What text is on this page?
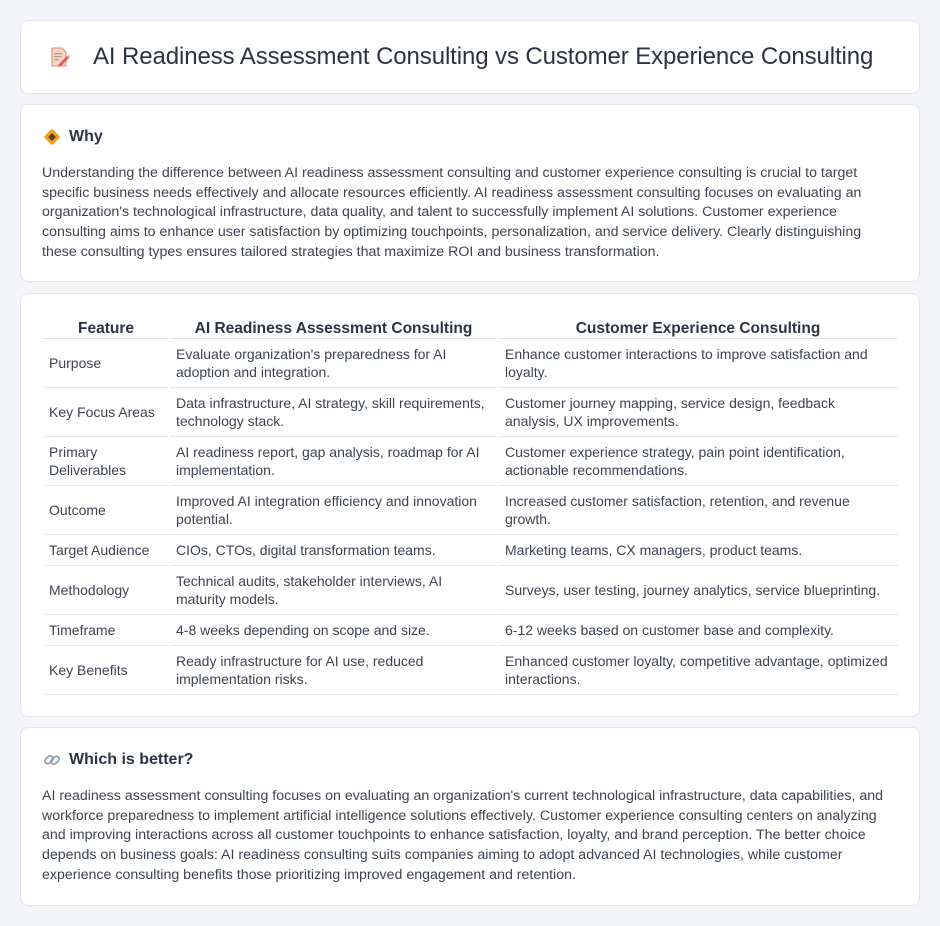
AI Readiness Assessment Consulting vs Customer Experience Consulting
Why

Understanding the difference between AI readiness assessment consulting and customer experience consulting is crucial to target specific business needs effectively and allocate resources efficiently. AI readiness assessment consulting focuses on evaluating an organization's technological infrastructure, data quality, and talent to successfully implement AI solutions. Customer experience consulting aims to enhance user satisfaction by optimizing touchpoints, personalization, and service delivery. Clearly distinguishing these consulting types ensures tailored strategies that maximize ROI and business transformation.

Feature	AI Readiness Assessment Consulting	Customer Experience Consulting
Purpose	Evaluate organization's preparedness for AI adoption and integration.	Enhance customer interactions to improve satisfaction and loyalty.
Key Focus Areas	Data infrastructure, AI strategy, skill requirements, technology stack.	Customer journey mapping, service design, feedback analysis, UX improvements.
Primary Deliverables	AI readiness report, gap analysis, roadmap for AI implementation.	Customer experience strategy, pain point identification, actionable recommendations.
Outcome	Improved AI integration efficiency and innovation potential.	Increased customer satisfaction, retention, and revenue growth.
Target Audience	CIOs, CTOs, digital transformation teams.	Marketing teams, CX managers, product teams.
Methodology	Technical audits, stakeholder interviews, AI maturity models.	Surveys, user testing, journey analytics, service blueprinting.
Timeframe	4-8 weeks depending on scope and size.	6-12 weeks based on customer base and complexity.
Key Benefits	Ready infrastructure for AI use, reduced implementation risks.	Enhanced customer loyalty, competitive advantage, optimized interactions.
Which is better?

AI readiness assessment consulting focuses on evaluating an organization's current technological infrastructure, data capabilities, and workforce preparedness to implement artificial intelligence solutions effectively. Customer experience consulting centers on analyzing and improving interactions across all customer touchpoints to enhance satisfaction, loyalty, and brand perception. The better choice depends on business goals: AI readiness consulting suits companies aiming to adopt advanced AI technologies, while customer experience consulting benefits those prioritizing improved engagement and retention.
